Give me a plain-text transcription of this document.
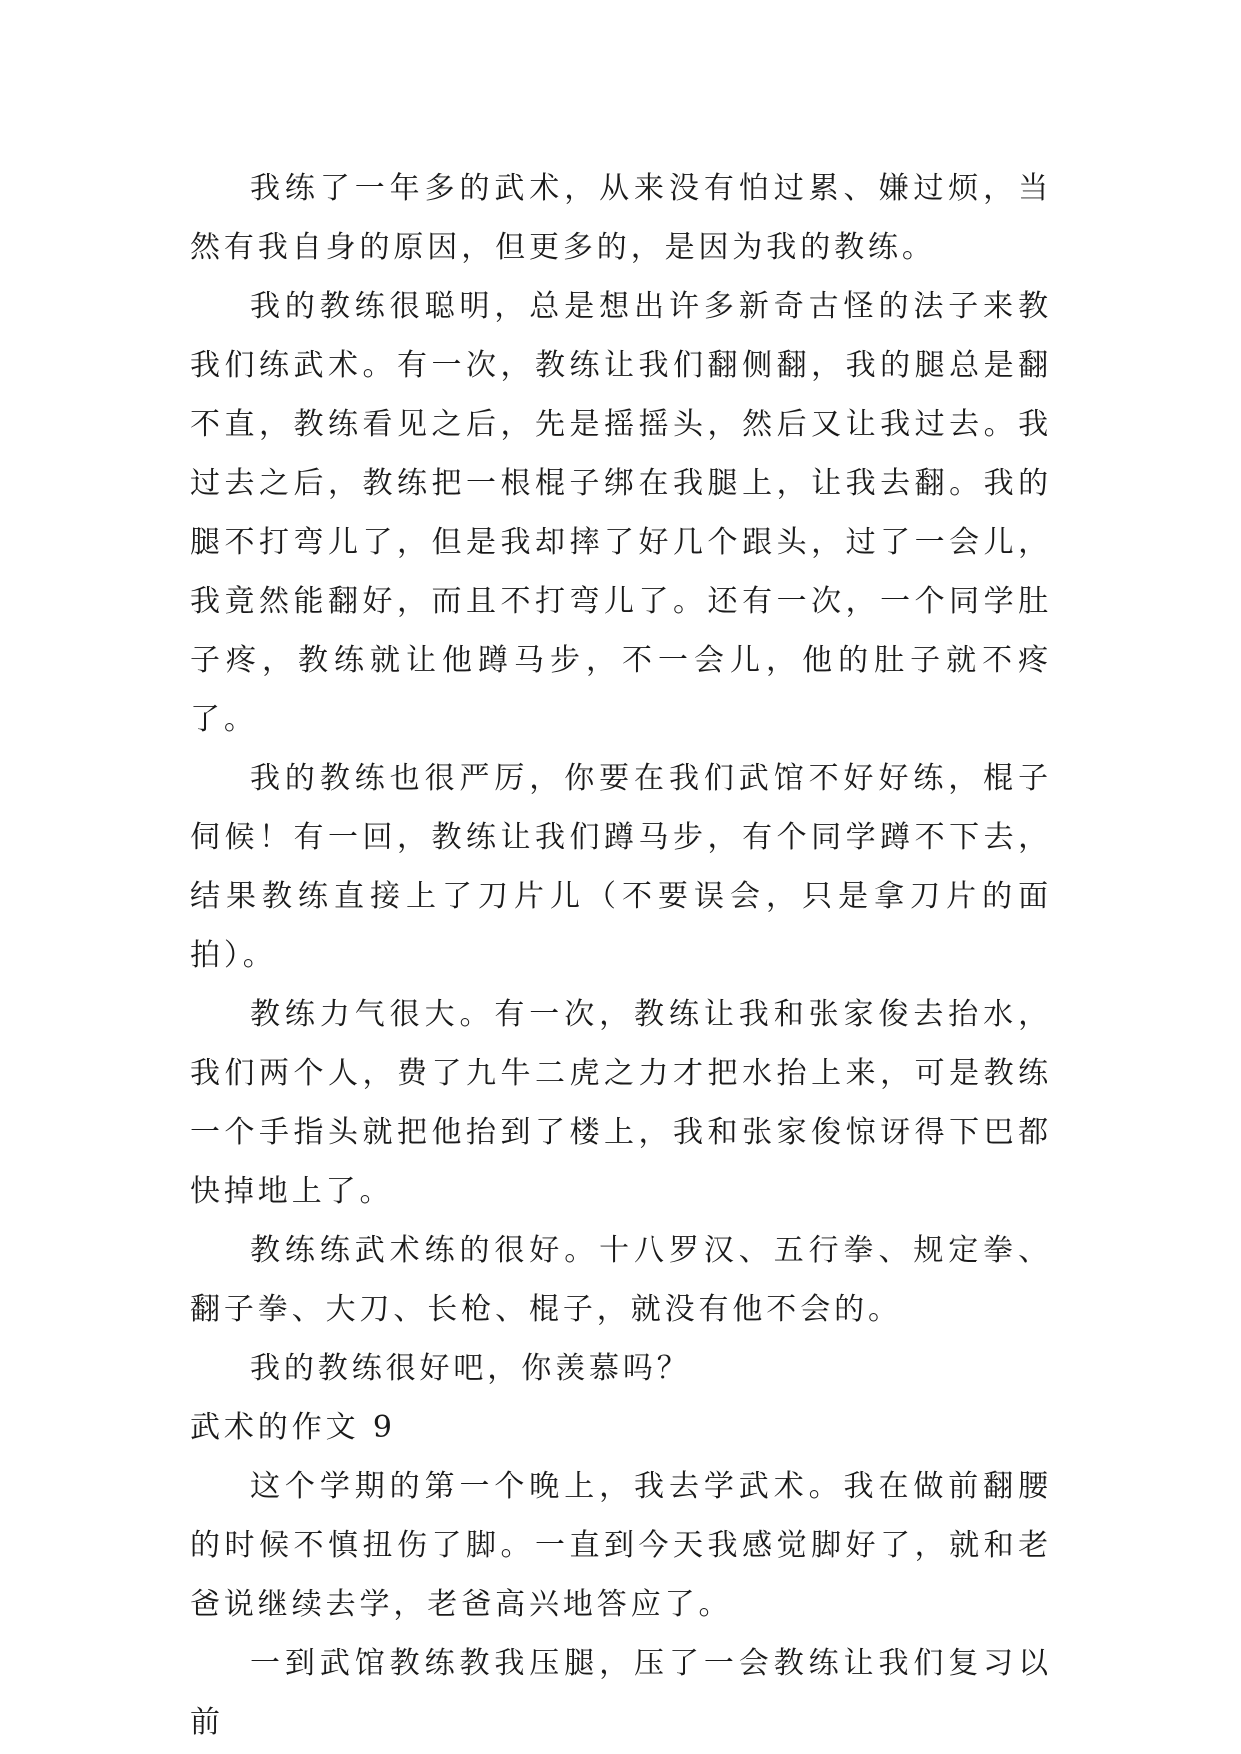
我练了一年多的武术，从来没有怕过累、嫌过烦，当然有我自身的原因，但更多的，是因为我的教练。

我的教练很聪明，总是想出许多新奇古怪的法子来教我们练武术。有一次，教练让我们翻侧翻，我的腿总是翻不直，教练看见之后，先是摇摇头，然后又让我过去。我过去之后，教练把一根棍子绑在我腿上，让我去翻。我的腿不打弯儿了，但是我却摔了好几个跟头，过了一会儿，我竟然能翻好，而且不打弯儿了。还有一次，一个同学肚子疼，教练就让他蹲马步，不一会儿，他的肚子就不疼了。

我的教练也很严厉，你要在我们武馆不好好练，棍子伺候！有一回，教练让我们蹲马步，有个同学蹲不下去，结果教练直接上了刀片儿（不要误会，只是拿刀片的面拍）。

教练力气很大。有一次，教练让我和张家俊去抬水，我们两个人，费了九牛二虎之力才把水抬上来，可是教练一个手指头就把他抬到了楼上，我和张家俊惊讶得下巴都快掉地上了。

教练练武术练的很好。十八罗汉、五行拳、规定拳、翻子拳、大刀、长枪、棍子，就没有他不会的。

我的教练很好吧，你羡慕吗？

武术的作文 9

这个学期的第一个晚上，我去学武术。我在做前翻腰的时候不慎扭伤了脚。一直到今天我感觉脚好了，就和老爸说继续去学，老爸高兴地答应了。

一到武馆教练教我压腿，压了一会教练让我们复习以前
